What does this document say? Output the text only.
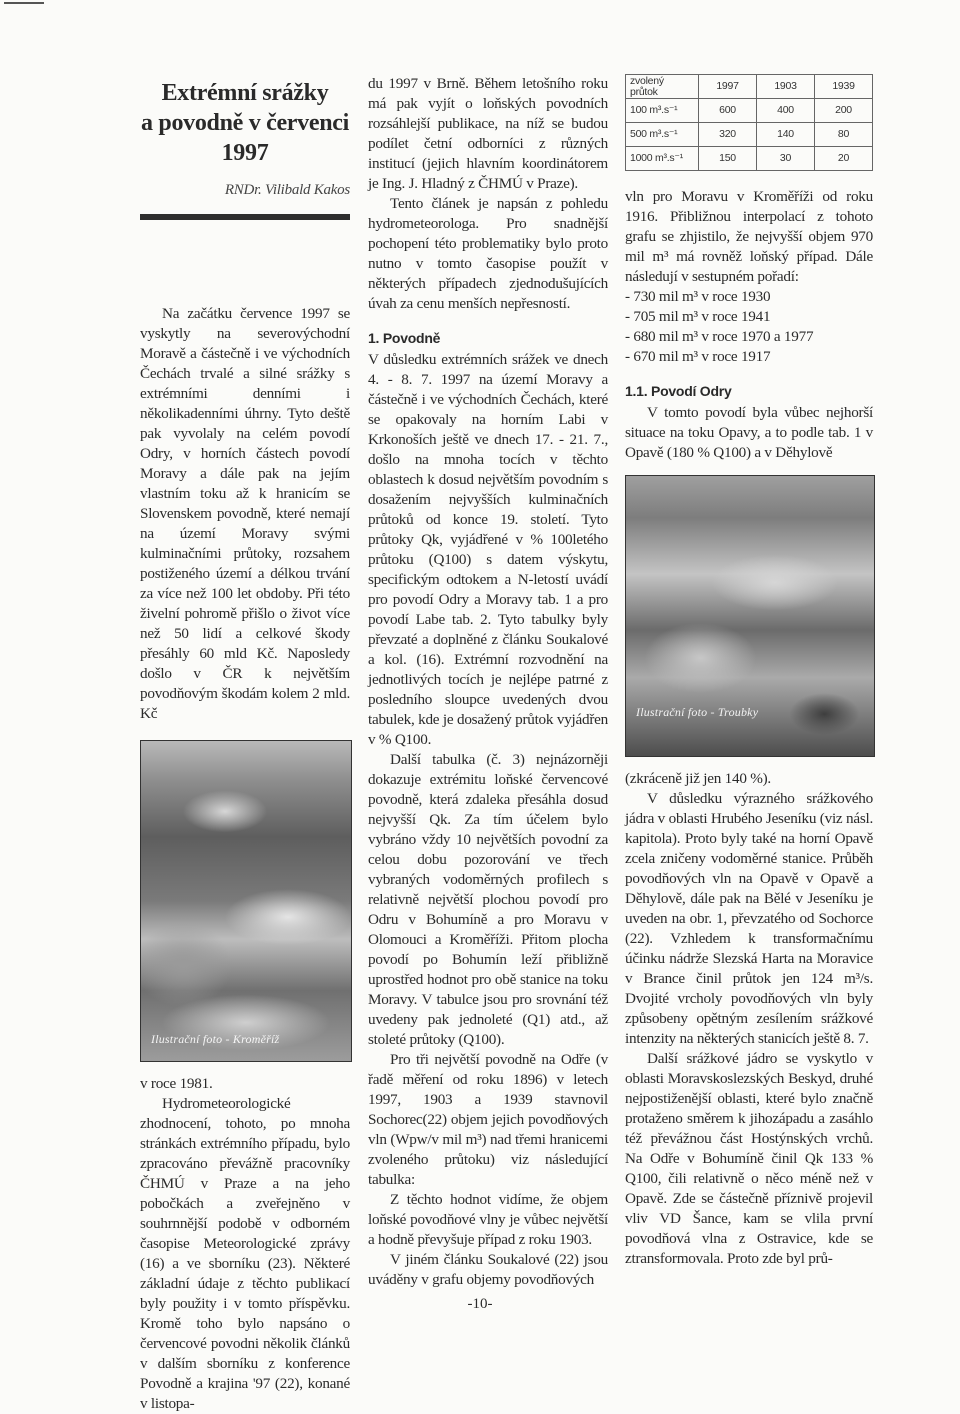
Extrémní srážky
a povodně v červenci
1997
RNDr. Vilibald Kakos

Na začátku července 1997 se vyskytly na severovýchodní Moravě a částečně i ve východních Čechách trvalé a silné srážky s extrémními denními i několikadenními úhrny. Tyto deště pak vyvolaly na celém povodí Odry, v horních částech povodí Moravy a dále pak na jejím vlastním toku až k hranicím se Slovenskem povodně, které nemají na území Moravy svými kulminačními průtoky, rozsahem postiženého území a délkou trvání za více než 100 let obdoby. Při této živelní pohromě přišlo o život více než 50 lidí a celkové škody přesáhly 60 mld Kč. Naposledy došlo v ČR k největším povodňovým škodám kolem 2 mld. Kč

Ilustrační foto - Kroměříž

v roce 1981.

Hydrometeorologické zhodnocení, tohoto, po mnoha stránkách extrémního případu, bylo zpracováno převážně pracovníky ČHMÚ v Praze a na jeho pobočkách a zveřejněno v souhrnnější podobě v odborném časopise Meteorologické zprávy (16) a ve sborníku (23). Některé základní údaje z těchto publikací byly použity i v tomto příspěvku. Kromě toho bylo napsáno o červencové povodni několik článků v dalším sborníku z konference Povodně a krajina '97 (22), konané v listopa-

du 1997 v Brně. Během letošního roku má pak vyjít o loňských povodních rozsáhlejší publikace, na níž se budou podílet četní odborníci z různých institucí (jejich hlavním koordinátorem je Ing. J. Hladný z ČHMÚ v Praze).

Tento článek je napsán z pohledu hydrometeorologa. Pro snadnější pochopení této problematiky bylo proto nutno v tomto časopise použít v některých případech zjednodušujících úvah za cenu menších nepřesností.

1. Povodně

V důsledku extrémních srážek ve dnech 4. - 8. 7. 1997 na území Moravy a částečně i ve východních Čechách, které se opakovaly na horním Labi v Krkonoších ještě ve dnech 17. - 21. 7., došlo na mnoha tocích v těchto oblastech k dosud největším povodním s dosažením nejvyšších kulminačních průtoků od konce 19. století. Tyto průtoky Qk, vyjádřené v % 100letého průtoku (Q100) s datem výskytu, specifickým odtokem a N-letostí uvádí pro povodí Odry a Moravy tab. 1 a pro povodí Labe tab. 2. Tyto tabulky byly převzaté a doplněné z článku Soukalové a kol. (16). Extrémní rozvodnění na jednotlivých tocích je nejlépe patrné z posledního sloupce uvedených dvou tabulek, kde je dosažený průtok vyjádřen v % Q100.

Další tabulka (č. 3) nejnázorněji dokazuje extrémitu loňské červencové povodně, která zdaleka přesáhla dosud nejvyšší Qk. Za tím účelem bylo vybráno vždy 10 největších povodní za celou dobu pozorování ve třech vybraných vodoměrných profilech s relativně největší plochou povodí pro Odru v Bohumíně a pro Moravu v Olomouci a Kroměříži. Přitom plocha povodí po Bohumín leží přibližně uprostřed hodnot pro obě stanice na toku Moravy. V tabulce jsou pro srovnání též uvedeny pak jednoleté (Q1) atd., až stoleté průtoky (Q100).

Pro tři největší povodně na Odře (v řadě měření od roku 1896) v letech 1997, 1903 a 1939 stavnovil Sochorec(22) objem jejich povodňových vln (Wpw/v mil m³) nad třemi hranicemi zvoleného průtoku) viz následující tabulka:

Z těchto hodnot vidíme, že objem loňské povodňové vlny je vůbec největší a hodně převyšuje případ z roku 1903.

V jiném článku Soukalové (22) jsou uváděny v grafu objemy povodňových

zvolený průtok	1997	1903	1939
100 m³.s⁻¹	600	400	200
500 m³.s⁻¹	320	140	80
1000 m³.s⁻¹	150	30	20

vln pro Moravu v Kroměříži od roku 1916. Přibližnou interpolací z tohoto grafu se zhjistilo, že nejvyšší objem 970 mil m³ má rovněž loňský případ. Dále následují v sestupném pořadí:

- 730 mil m³ v roce 1930

- 705 mil m³ v roce 1941

- 680 mil m³ v roce 1970 a 1977

- 670 mil m³ v roce 1917

1.1. Povodí Odry

V tomto povodí byla vůbec nejhorší situace na toku Opavy, a to podle tab. 1 v Opavě (180 % Q100) a v Děhylově

Ilustrační foto - Troubky

(zkráceně již jen 140 %).

V důsledku výrazného srážkového jádra v oblasti Hrubého Jeseníku (viz násl. kapitola). Proto byly také na horní Opavě zcela zničeny vodoměrné stanice. Průběh povodňových vln na Opavě v Opavě a Děhylově, dále pak na Bělé v Jeseníku je uveden na obr. 1, převzatého od Sochorce (22). Vzhledem k transformačnímu účinku nádrže Slezská Harta na Moravice v Brance činil průtok jen 124 m³/s. Dvojité vrcholy povodňových vln byly způsobeny opětným zesílením srážkové intenzity na některých stanicích ještě 8. 7.

Další srážkové jádro se vyskytlo v oblasti Moravskoslezských Beskyd, druhé nejpostiženější oblasti, které bylo značně protaženo směrem k jihozápadu a zasáhlo též převážnou část Hostýnských vrchů. Na Odře v Bohumíně činil Qk 133 % Q100, čili relativně o něco méně než v Opavě. Zde se částečně příznivě projevil vliv VD Šance, kam se vlila první povodňová vlna z Ostravice, kde se ztransformovala. Proto zde byl prů-

-10-
